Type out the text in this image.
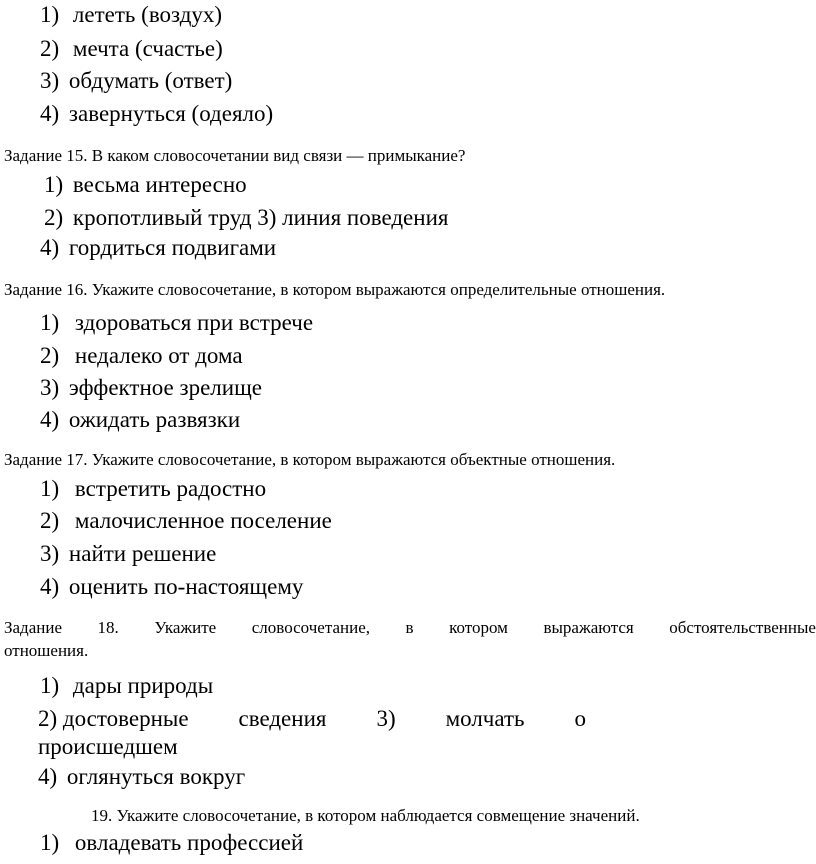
1) лететь (воздух)
2) мечта (счастье)
3) обдумать (ответ)
4) завернуться (одеяло)
Задание 15. В каком словосочетании вид связи — примыкание?
1) весьма интересно
2) кропотливый труд 3) линия поведения
4) гордиться подвигами
Задание 16. Укажите словосочетание, в котором выражаются определительные отношения.
1) здороваться при встрече
2) недалеко от дома
3) эффектное зрелище
4) ожидать развязки
Задание 17. Укажите словосочетание, в котором выражаются объектные отношения.
1) встретить радостно
2) малочисленное поселение
3) найти решение
4) оценить по-настоящему
Задание 18. Укажите словосочетание, в котором выражаются обстоятельственные
отношения.
1) дары природы
2) достоверные сведения 3) молчать о
происшедшем
4) оглянуться вокруг
19. Укажите словосочетание, в котором наблюдается совмещение значений.
1) овладевать профессией
